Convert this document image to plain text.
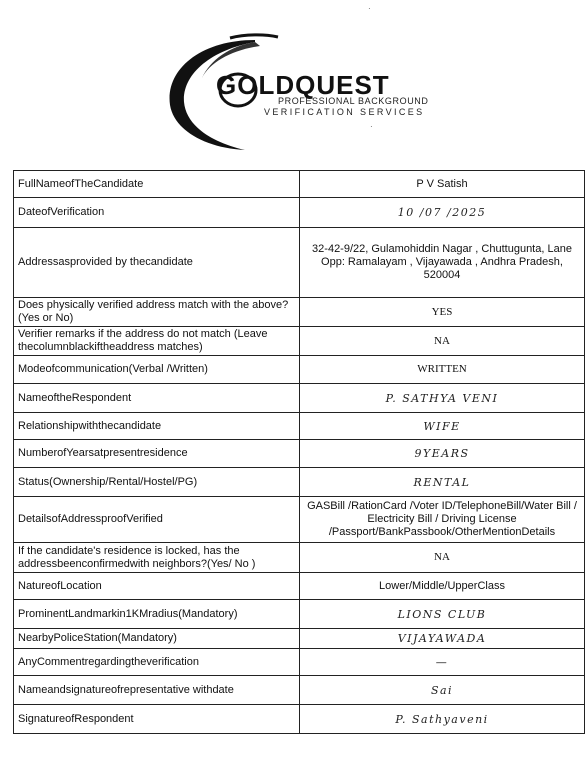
GOLDQUEST
PROFESSIONAL BACKGROUND
VERIFICATION SERVICES
·
·
FullNameofTheCandidate	P V Satish
DateofVerification	10 /07 /2025
Addressasprovided by thecandidate	32-42-9/22, Gulamohiddin Nagar , Chuttugunta, Lane Opp: Ramalayam , Vijayawada , Andhra Pradesh, 520004
Does physically verified address match with the above?(Yes or No)	YES
Verifier remarks if the address do not match (Leave thecolumnblackiftheaddress matches)	NA
Modeofcommunication(Verbal /Written)	WRITTEN
NameoftheRespondent	P. SATHYA VENI
Relationshipwiththecandidate	WIFE
NumberofYearsatpresentresidence	9YEARS
Status(Ownership/Rental/Hostel/PG)	RENTAL
DetailsofAddressproofVerified	GASBill /RationCard /Voter ID/TelephoneBill/Water Bill / Electricity Bill / Driving License /Passport/BankPassbook/OtherMentionDetails
If the candidate's residence is locked, has the addressbeenconfirmedwith neighbors?(Yes/ No )	NA
NatureofLocation	Lower/Middle/UpperClass
ProminentLandmarkin1KMradius(Mandatory)	LIONS CLUB
NearbyPoliceStation(Mandatory)	VIJAYAWADA
AnyCommentregardingtheverification	—
Nameandsignatureofrepresentative withdate	Sai
SignatureofRespondent	P. Sathyaveni
